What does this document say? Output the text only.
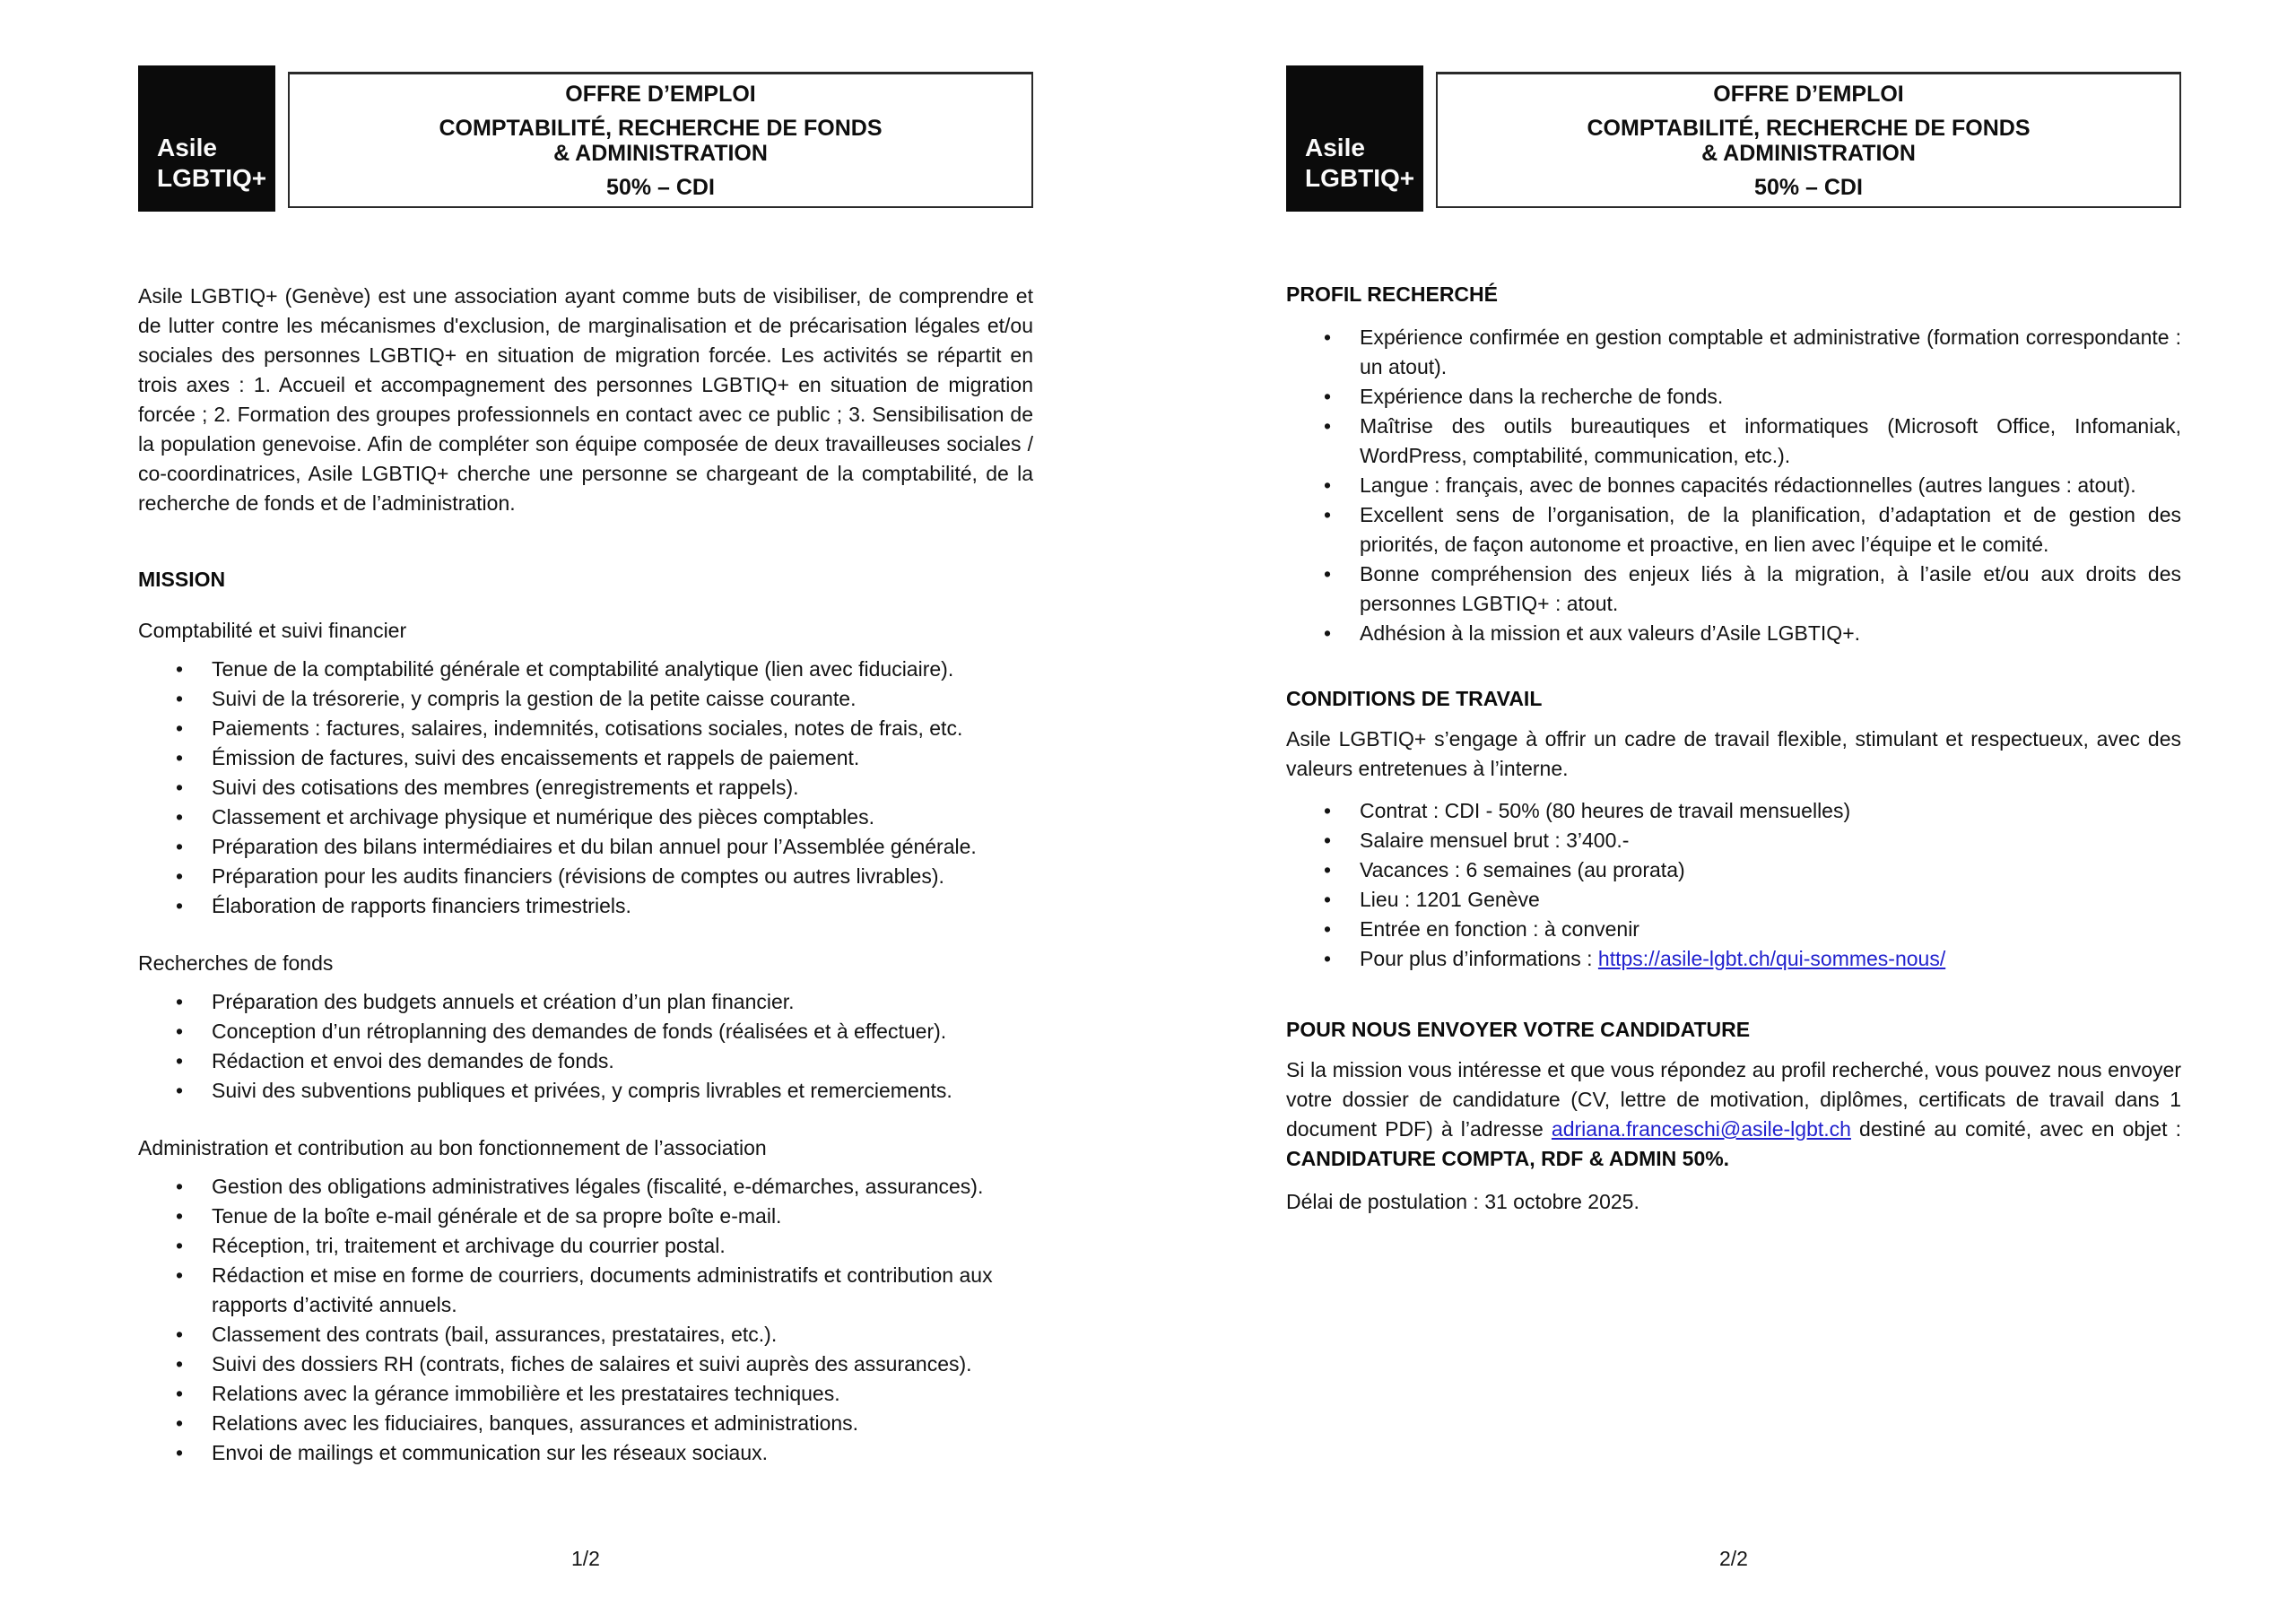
Asile
LGBTIQ+
OFFRE D’EMPLOI
COMPTABILITÉ, RECHERCHE DE FONDS
& ADMINISTRATION
50% – CDI

Asile LGBTIQ+ (Genève) est une association ayant comme buts de visibiliser, de comprendre et de lutter contre les mécanismes d'exclusion, de marginalisation et de précarisation légales et/ou sociales des personnes LGBTIQ+ en situation de migration forcée. Les activités se répartit en trois axes : 1. Accueil et accompagnement des personnes LGBTIQ+ en situation de migration forcée ; 2. Formation des groupes professionnels en contact avec ce public ; 3. Sensibilisation de la population genevoise. Afin de compléter son équipe composée de deux travailleuses sociales / co-coordinatrices, Asile LGBTIQ+ cherche une personne se chargeant de la comptabilité, de la recherche de fonds et de l’administration.

MISSION
Comptabilité et suivi financier
• Tenue de la comptabilité générale et comptabilité analytique (lien avec fiduciaire).
• Suivi de la trésorerie, y compris la gestion de la petite caisse courante.
• Paiements : factures, salaires, indemnités, cotisations sociales, notes de frais, etc.
• Émission de factures, suivi des encaissements et rappels de paiement.
• Suivi des cotisations des membres (enregistrements et rappels).
• Classement et archivage physique et numérique des pièces comptables.
• Préparation des bilans intermédiaires et du bilan annuel pour l’Assemblée générale.
• Préparation pour les audits financiers (révisions de comptes ou autres livrables).
• Élaboration de rapports financiers trimestriels.
Recherches de fonds
• Préparation des budgets annuels et création d’un plan financier.
• Conception d’un rétroplanning des demandes de fonds (réalisées et à effectuer).
• Rédaction et envoi des demandes de fonds.
• Suivi des subventions publiques et privées, y compris livrables et remerciements.
Administration et contribution au bon fonctionnement de l’association
• Gestion des obligations administratives légales (fiscalité, e-démarches, assurances).
• Tenue de la boîte e-mail générale et de sa propre boîte e-mail.
• Réception, tri, traitement et archivage du courrier postal.
• Rédaction et mise en forme de courriers, documents administratifs et contribution aux rapports d’activité annuels.
• Classement des contrats (bail, assurances, prestataires, etc.).
• Suivi des dossiers RH (contrats, fiches de salaires et suivi auprès des assurances).
• Relations avec la gérance immobilière et les prestataires techniques.
• Relations avec les fiduciaires, banques, assurances et administrations.
• Envoi de mailings et communication sur les réseaux sociaux.
1/2
Asile
LGBTIQ+
OFFRE D’EMPLOI
COMPTABILITÉ, RECHERCHE DE FONDS
& ADMINISTRATION
50% – CDI
PROFIL RECHERCHÉ
• Expérience confirmée en gestion comptable et administrative (formation correspondante : un atout).
• Expérience dans la recherche de fonds.
• Maîtrise des outils bureautiques et informatiques (Microsoft Office, Infomaniak, WordPress, comptabilité, communication, etc.).
• Langue : français, avec de bonnes capacités rédactionnelles (autres langues : atout).
• Excellent sens de l’organisation, de la planification, d’adaptation et de gestion des priorités, de façon autonome et proactive, en lien avec l’équipe et le comité.
• Bonne compréhension des enjeux liés à la migration, à l’asile et/ou aux droits des personnes LGBTIQ+ : atout.
• Adhésion à la mission et aux valeurs d’Asile LGBTIQ+.
CONDITIONS DE TRAVAIL

Asile LGBTIQ+ s’engage à offrir un cadre de travail flexible, stimulant et respectueux, avec des valeurs entretenues à l’interne.

• Contrat : CDI - 50% (80 heures de travail mensuelles)
• Salaire mensuel brut : 3’400.-
• Vacances : 6 semaines (au prorata)
• Lieu : 1201 Genève
• Entrée en fonction : à convenir
• Pour plus d’informations : https://asile-lgbt.ch/qui-sommes-nous/
POUR NOUS ENVOYER VOTRE CANDIDATURE

Si la mission vous intéresse et que vous répondez au profil recherché, vous pouvez nous envoyer votre dossier de candidature (CV, lettre de motivation, diplômes, certificats de travail dans 1 document PDF) à l’adresse adriana.franceschi@asile-lgbt.ch destiné au comité, avec en objet : CANDIDATURE COMPTA, RDF & ADMIN 50%.

Délai de postulation : 31 octobre 2025.

2/2
